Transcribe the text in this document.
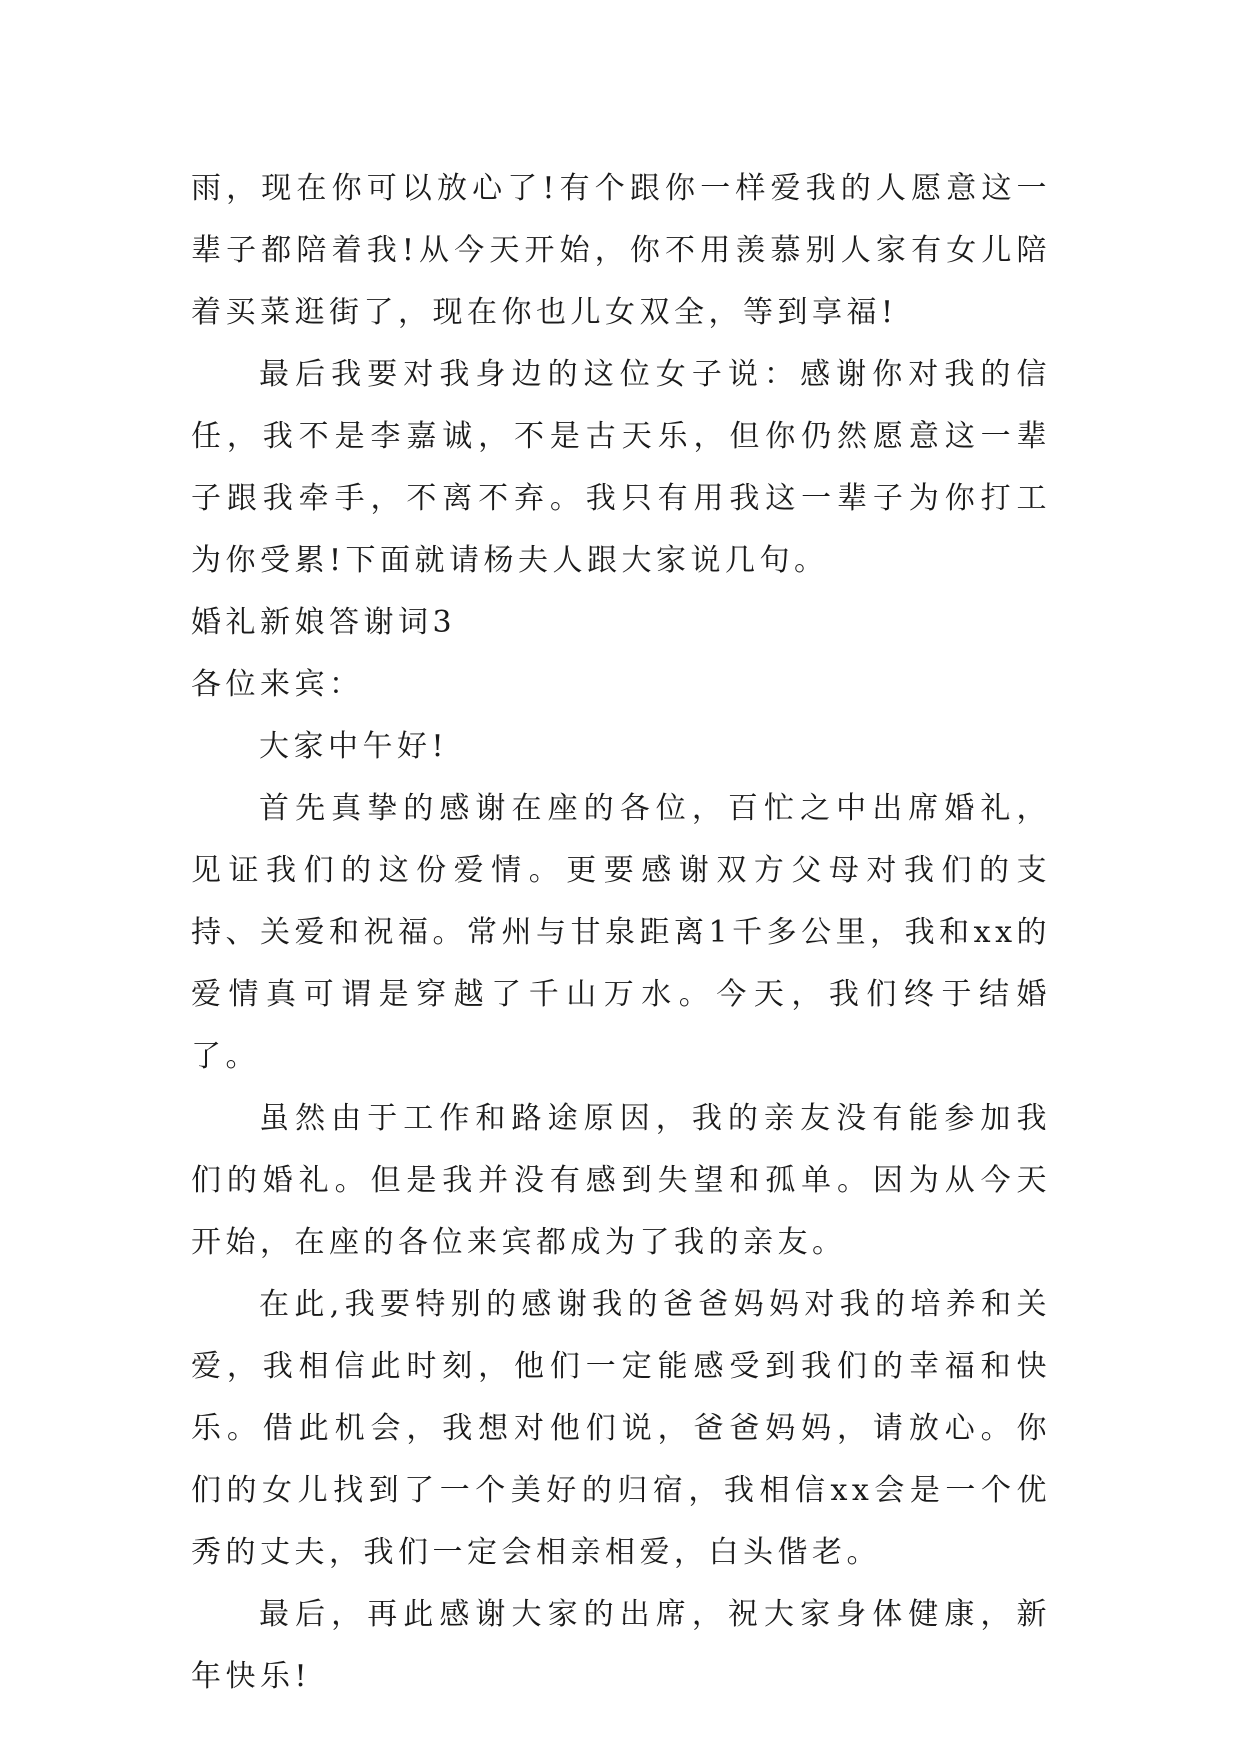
雨，现在你可以放心了!有个跟你一样爱我的人愿意这一辈子都陪着我!从今天开始，你不用羡慕别人家有女儿陪着买菜逛街了，现在你也儿女双全，等到享福!

最后我要对我身边的这位女子说：感谢你对我的信任，我不是李嘉诚，不是古天乐，但你仍然愿意这一辈子跟我牵手，不离不弃。我只有用我这一辈子为你打工为你受累!下面就请杨夫人跟大家说几句。

婚礼新娘答谢词3

各位来宾：

大家中午好!

首先真挚的感谢在座的各位，百忙之中出席婚礼，见证我们的这份爱情。更要感谢双方父母对我们的支持、关爱和祝福。常州与甘泉距离1千多公里，我和xx的爱情真可谓是穿越了千山万水。今天，我们终于结婚了。

虽然由于工作和路途原因，我的亲友没有能参加我们的婚礼。但是我并没有感到失望和孤单。因为从今天开始，在座的各位来宾都成为了我的亲友。

在此,我要特别的感谢我的爸爸妈妈对我的培养和关爱，我相信此时刻，他们一定能感受到我们的幸福和快乐。借此机会，我想对他们说，爸爸妈妈，请放心。你们的女儿找到了一个美好的归宿，我相信xx会是一个优秀的丈夫，我们一定会相亲相爱，白头偕老。

最后，再此感谢大家的出席，祝大家身体健康，新年快乐!
